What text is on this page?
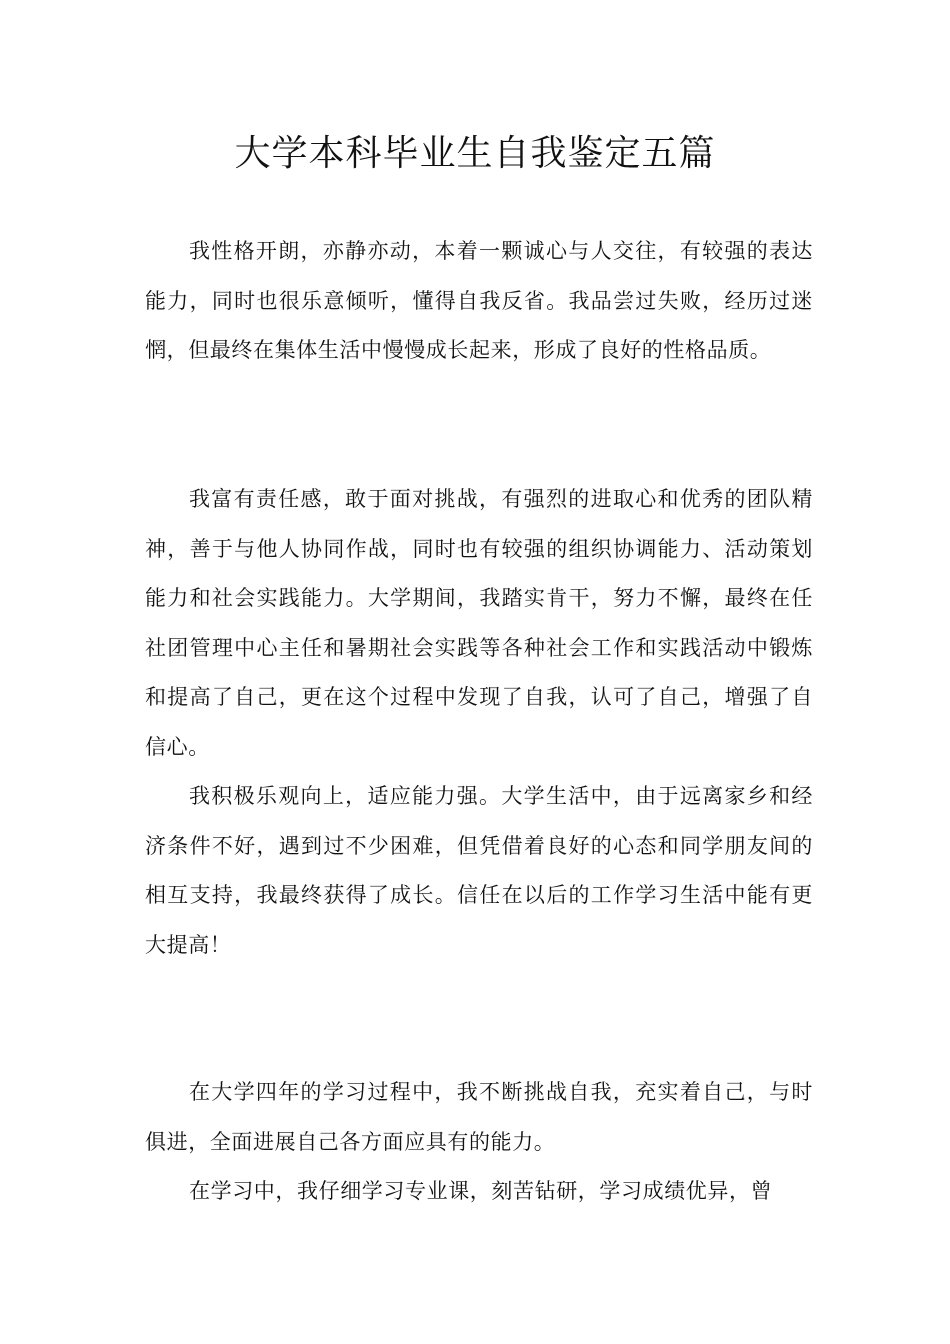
大学本科毕业生自我鉴定五篇

我性格开朗，亦静亦动，本着一颗诚心与人交往，有较强的表达能力，同时也很乐意倾听，懂得自我反省。我品尝过失败，经历过迷惘，但最终在集体生活中慢慢成长起来，形成了良好的性格品质。

我富有责任感，敢于面对挑战，有强烈的进取心和优秀的团队精神，善于与他人协同作战，同时也有较强的组织协调能力、活动策划能力和社会实践能力。大学期间，我踏实肯干，努力不懈，最终在任社团管理中心主任和暑期社会实践等各种社会工作和实践活动中锻炼和提高了自己，更在这个过程中发现了自我，认可了自己，增强了自信心。

我积极乐观向上，适应能力强。大学生活中，由于远离家乡和经济条件不好，遇到过不少困难，但凭借着良好的心态和同学朋友间的相互支持，我最终获得了成长。信任在以后的工作学习生活中能有更大提高！

在大学四年的学习过程中，我不断挑战自我，充实着自己，与时俱进，全面进展自己各方面应具有的能力。

在学习中，我仔细学习专业课，刻苦钻研，学习成绩优异，曾
